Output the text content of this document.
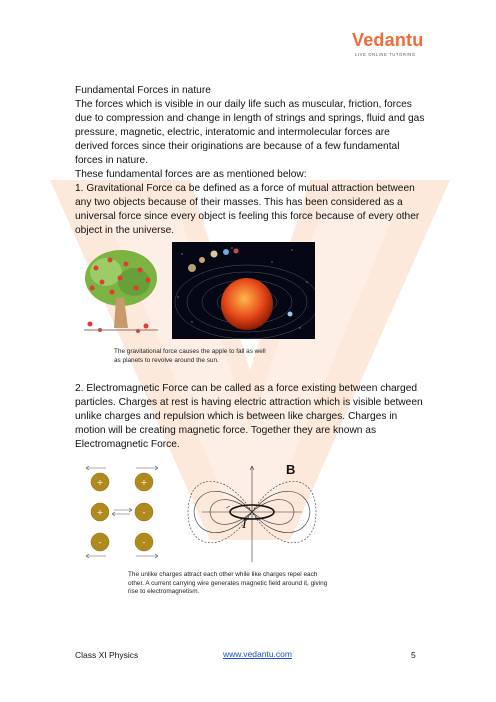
Vedantu
LIVE ONLINE TUTORING
Fundamental Forces in nature
The forces which is visible in our daily life such as muscular, friction, forces due to compression and change in length of strings and springs, fluid and gas pressure, magnetic, electric, interatomic and intermolecular forces are derived forces since their originations are because of a few fundamental forces in nature.
These fundamental forces are as mentioned below:
1. Gravitational Force ca be defined as a force of mutual attraction between any two objects because of their masses. This has been considered as a universal force since every object is feeling this force because of every other object in the universe.
The gravitational force causes the apple to fall as well as planets to revolve around the sun.
2. Electromagnetic Force can be called as a force existing between charged particles. Charges at rest is having electric attraction which is visible between unlike charges and repulsion which is between like charges. Charges in motion will be creating magnetic force. Together they are known as Electromagnetic Force.
+	+
+	-
-	-
B
I
The unlike charges attract each other while like charges repel each other. A current carrying wire generates magnetic field around it, giving rise to electromagnetism.
Class XI Physics	www.vedantu.com	5
